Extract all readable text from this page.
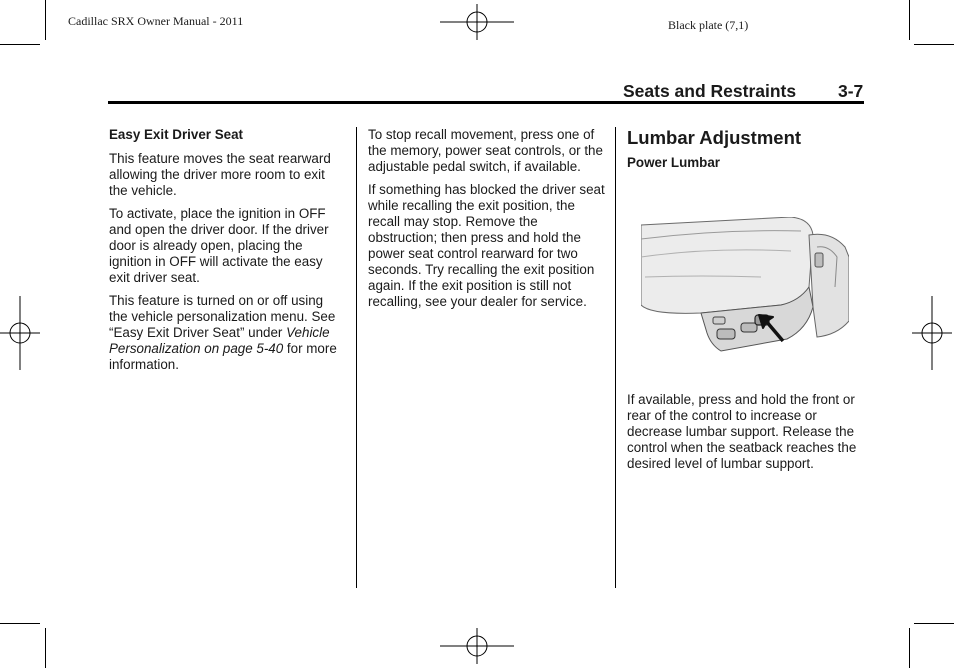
Cadillac SRX Owner Manual - 2011	Black plate (7,1)
Seats and Restraints 3-7
Easy Exit Driver Seat

This feature moves the seat rearward allowing the driver more room to exit the vehicle.

To activate, place the ignition in OFF and open the driver door. If the driver door is already open, placing the ignition in OFF will activate the easy exit driver seat.

This feature is turned on or off using the vehicle personalization menu. See “Easy Exit Driver Seat” under Vehicle Personalization on page 5-40 for more information.

To stop recall movement, press one of the memory, power seat controls, or the adjustable pedal switch, if available.

If something has blocked the driver seat while recalling the exit position, the recall may stop. Remove the obstruction; then press and hold the power seat control rearward for two seconds. Try recalling the exit position again. If the exit position is still not recalling, see your dealer for service.

Lumbar Adjustment
Power Lumbar

If available, press and hold the front or rear of the control to increase or decrease lumbar support. Release the control when the seatback reaches the desired level of lumbar support.
